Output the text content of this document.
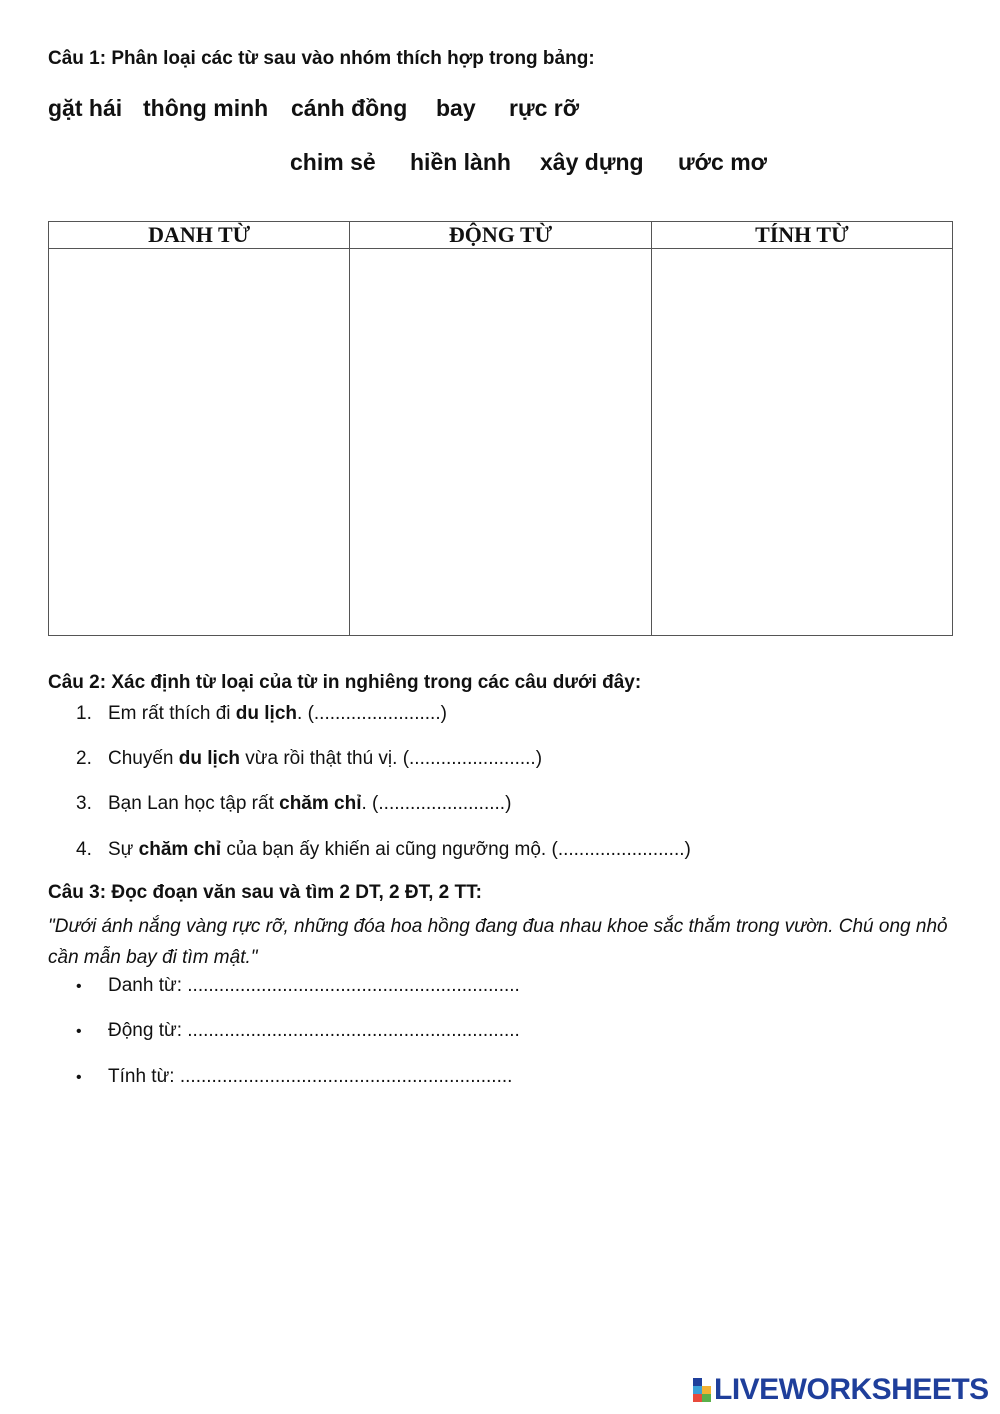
Câu 1: Phân loại các từ sau vào nhóm thích hợp trong bảng:
gặt hái thông minh cánh đồng bay rực rỡ
chim sẻ hiền lành xây dựng ước mơ
DANH TỪ	ĐỘNG TỪ	TÍNH TỪ

Câu 2: Xác định từ loại của từ in nghiêng trong các câu dưới đây:
1. Em rất thích đi du lịch. (........................)
2. Chuyến du lịch vừa rồi thật thú vị. (........................)
3. Bạn Lan học tập rất chăm chỉ. (........................)
4. Sự chăm chỉ của bạn ấy khiến ai cũng ngưỡng mộ. (........................)
Câu 3: Đọc đoạn văn sau và tìm 2 DT, 2 ĐT, 2 TT:
"Dưới ánh nắng vàng rực rỡ, những đóa hoa hồng đang đua nhau khoe sắc thắm trong vườn. Chú ong nhỏ cần mẫn bay đi tìm mật."
• Danh từ: ...............................................................
• Động từ: ...............................................................
• Tính từ: ...............................................................
LIVEWORKSHEETS
